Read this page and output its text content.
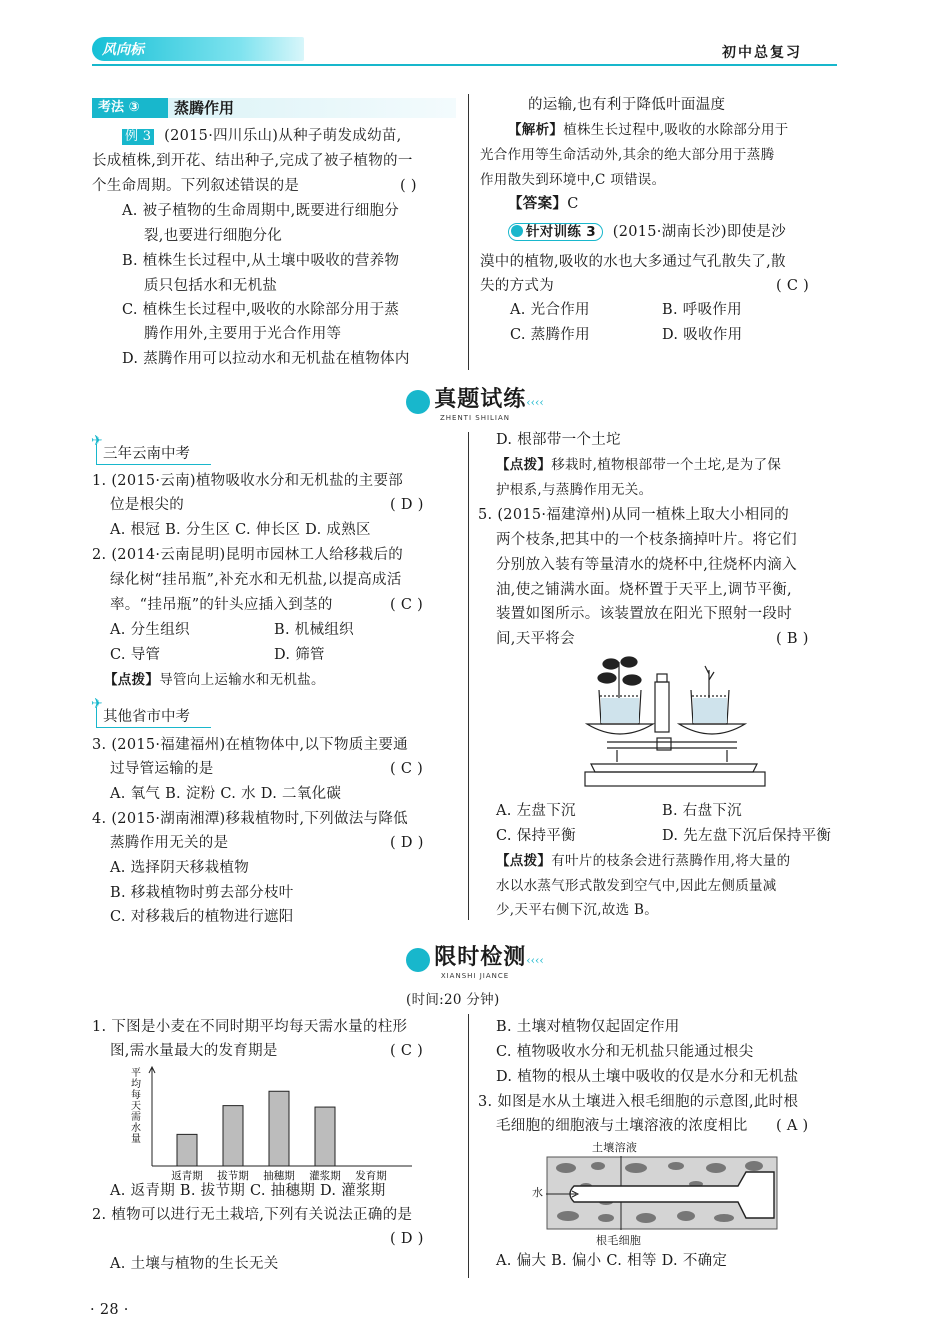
风向标	初中总复习
考法 ③	蒸腾作用
例 3 (2015·四川乐山)从种子萌发成幼苗,
长成植株,到开花、结出种子,完成了被子植物的一
个生命周期。下列叙述错误的是	( )
A. 被子植物的生命周期中,既要进行细胞分
裂,也要进行细胞分化
B. 植株生长过程中,从土壤中吸收的营养物
质只包括水和无机盐
C. 植株生长过程中,吸收的水除部分用于蒸
腾作用外,主要用于光合作用等
D. 蒸腾作用可以拉动水和无机盐在植物体内
的运输,也有利于降低叶面温度
【解析】植株生长过程中,吸收的水除部分用于
光合作用等生命活动外,其余的绝大部分用于蒸腾
作用散失到环境中,C 项错误。
【答案】C
针对训练 3 (2015·湖南长沙)即使是沙
漠中的植物,吸收的水也大多通过气孔散失了,散
失的方式为	( C )
A. 光合作用	B. 呼吸作用
C. 蒸腾作用	D. 吸收作用
真题试练‹‹‹‹
ZHENTI SHILIAN
✈
三年云南中考
1. (2015·云南)植物吸收水分和无机盐的主要部
位是根尖的	( D )
A. 根冠 B. 分生区 C. 伸长区 D. 成熟区
2. (2014·云南昆明)昆明市园林工人给移栽后的
绿化树“挂吊瓶”,补充水和无机盐,以提高成活
率。“挂吊瓶”的针头应插入到茎的	( C )
A. 分生组织	B. 机械组织
C. 导管	D. 筛管
【点拨】导管向上运输水和无机盐。
✈
其他省市中考
3. (2015·福建福州)在植物体中,以下物质主要通
过导管运输的是	( C )
A. 氧气 B. 淀粉 C. 水 D. 二氧化碳
4. (2015·湖南湘潭)移栽植物时,下列做法与降低
蒸腾作用无关的是	( D )
A. 选择阴天移栽植物
B. 移栽植物时剪去部分枝叶
C. 对移栽后的植物进行遮阳
D. 根部带一个土坨
【点拨】移栽时,植物根部带一个土坨,是为了保
护根系,与蒸腾作用无关。
5. (2015·福建漳州)从同一植株上取大小相同的
两个枝条,把其中的一个枝条摘掉叶片。将它们
分别放入装有等量清水的烧杯中,往烧杯内滴入
油,使之铺满水面。烧杯置于天平上,调节平衡,
装置如图所示。该装置放在阳光下照射一段时
间,天平将会	( B )
A. 左盘下沉	B. 右盘下沉
C. 保持平衡	D. 先左盘下沉后保持平衡
【点拨】有叶片的枝条会进行蒸腾作用,将大量的
水以水蒸气形式散发到空气中,因此左侧质量减
少,天平右侧下沉,故选 B。
限时检测‹‹‹‹
XIANSHI JIANCE
(时间:20 分钟)
1. 下图是小麦在不同时期平均每天需水量的柱形
图,需水量最大的发育期是	( C )
平
均
每
天
需
水
量
返青期 拔节期 抽穗期 灌浆期 发育期
A. 返青期 B. 拔节期 C. 抽穗期 D. 灌浆期
2. 植物可以进行无土栽培,下列有关说法正确的是
( D )
A. 土壤与植物的生长无关
B. 土壤对植物仅起固定作用
C. 植物吸收水分和无机盐只能通过根尖
D. 植物的根从土壤中吸收的仅是水分和无机盐
3. 如图是水从土壤进入根毛细胞的示意图,此时根
毛细胞的细胞液与土壤溶液的浓度相比 ( A )
土壤溶液
水
根毛细胞
A. 偏大 B. 偏小 C. 相等 D. 不确定
· 28 ·
